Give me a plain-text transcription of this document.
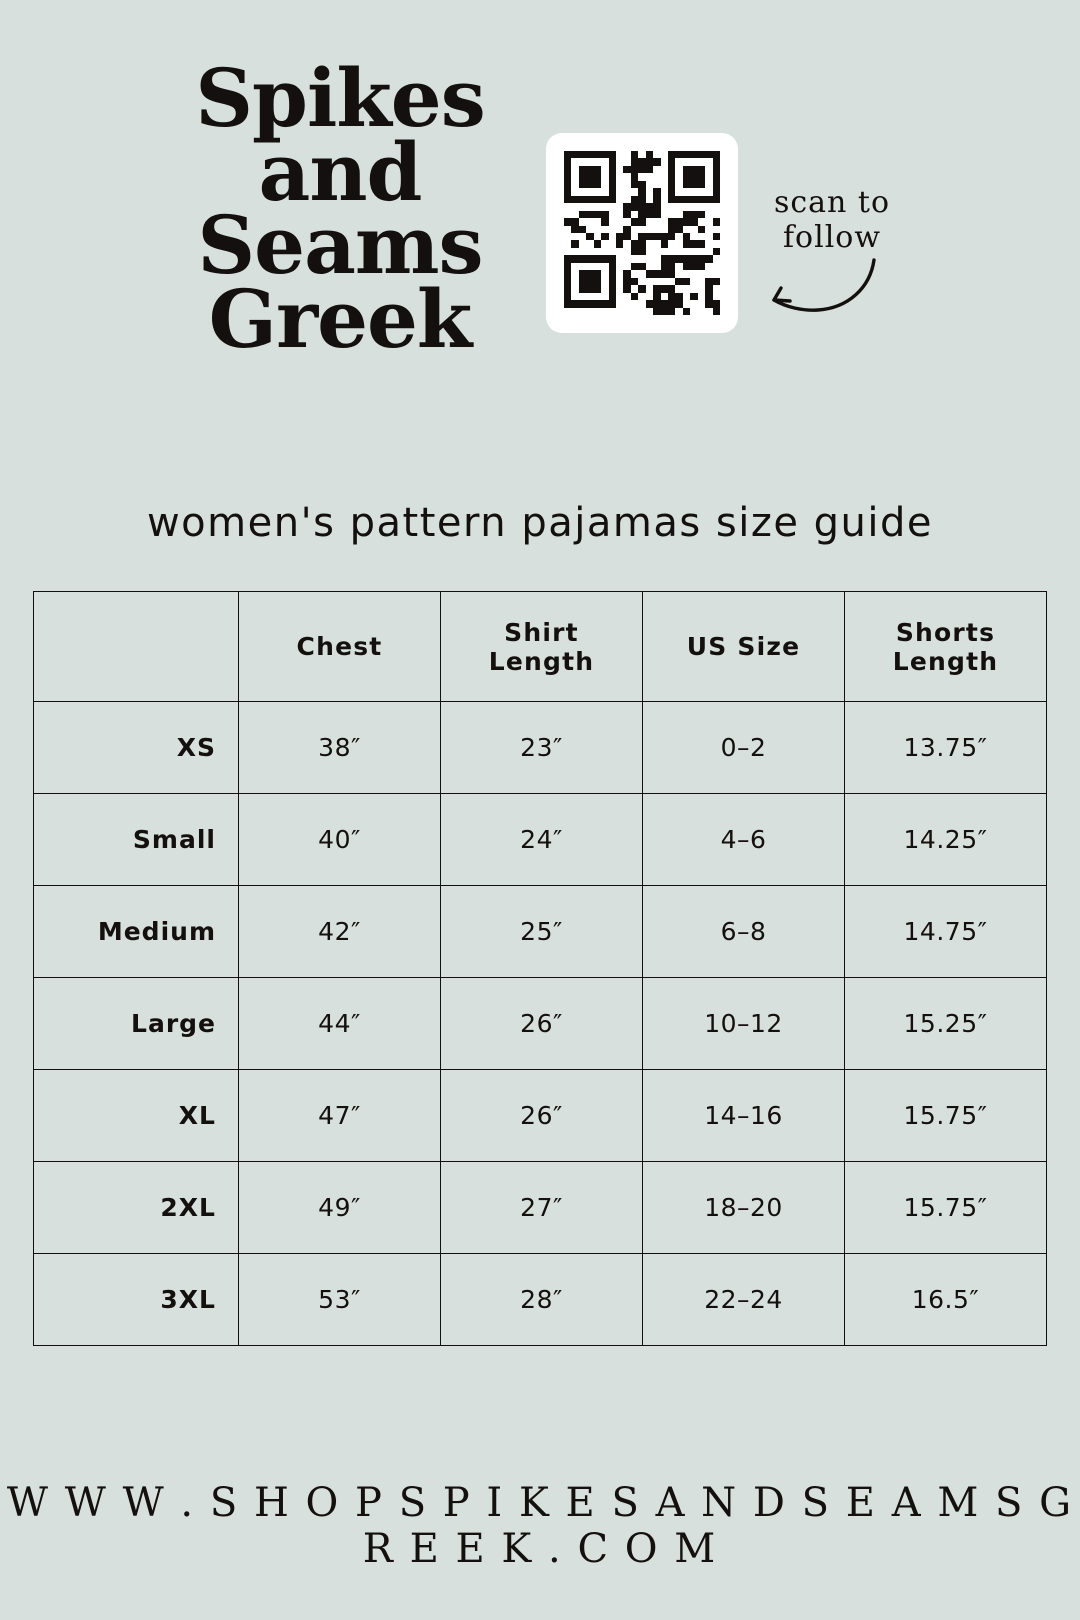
Spikes
and
Seams
Greek
scan to
follow
women's pattern pajamas size guide
	Chest	Shirt Length	US Size	Shorts Length
XS	38″	23″	0–2	13.75″
Small	40″	24″	4–6	14.25″
Medium	42″	25″	6–8	14.75″
Large	44″	26″	10–12	15.25″
XL	47″	26″	14–16	15.75″
2XL	49″	27″	18–20	15.75″
3XL	53″	28″	22–24	16.5″
W W W . S H O P S P I K E S A N D S E A M S G R E E K . C O M
